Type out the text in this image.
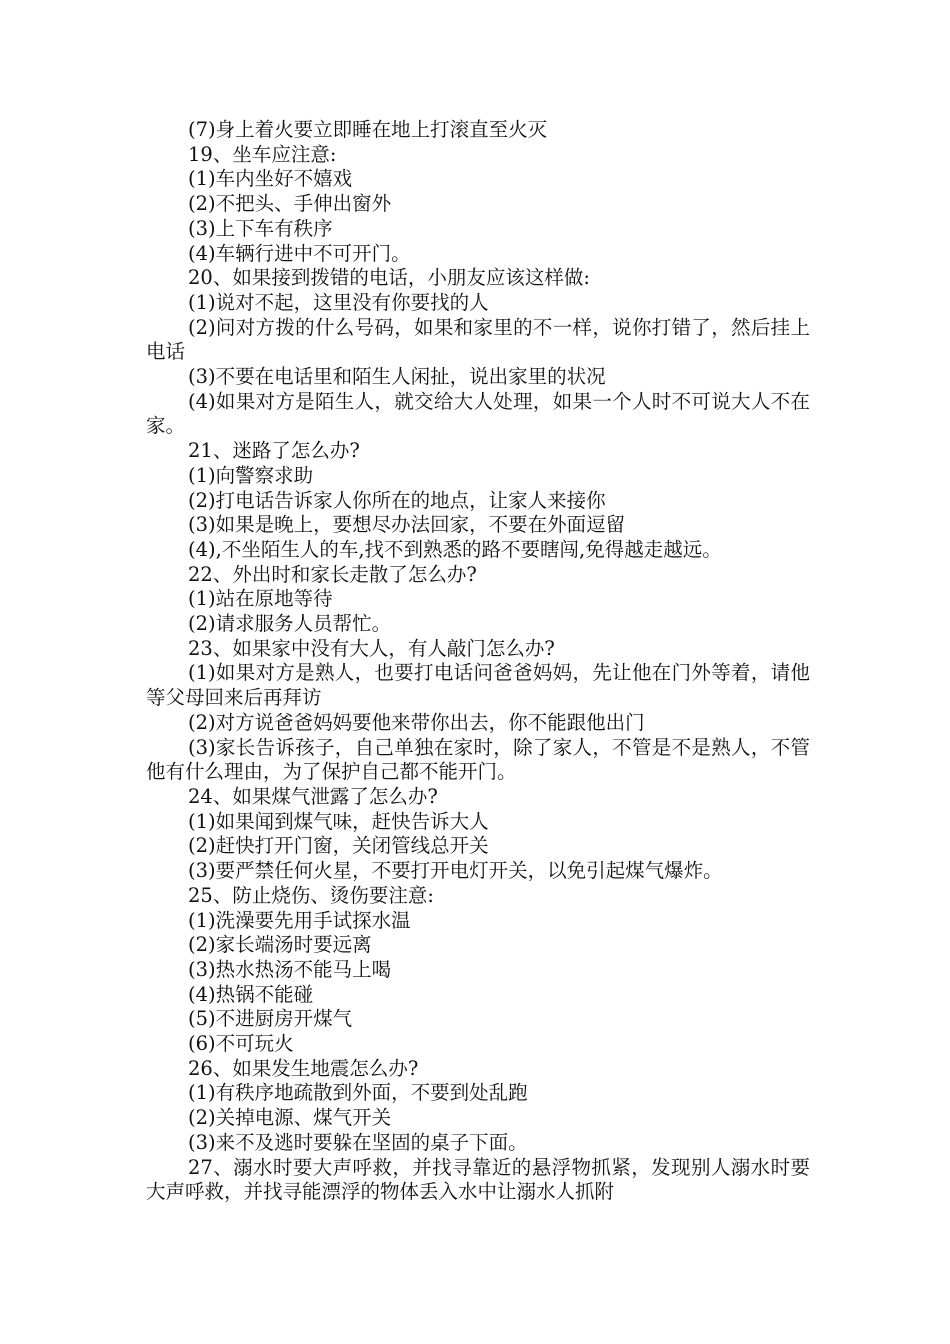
(7)身上着火要立即睡在地上打滚直至火灭

19、坐车应注意:

(1)车内坐好不嬉戏

(2)不把头、手伸出窗外

(3)上下车有秩序

(4)车辆行进中不可开门。

20、如果接到拨错的电话，小朋友应该这样做:

(1)说对不起，这里没有你要找的人

(2)问对方拨的什么号码，如果和家里的不一样，说你打错了，然后挂上电话

(3)不要在电话里和陌生人闲扯，说出家里的状况

(4)如果对方是陌生人，就交给大人处理，如果一个人时不可说大人不在家。

21、迷路了怎么办?

(1)向警察求助

(2)打电话告诉家人你所在的地点，让家人来接你

(3)如果是晚上，要想尽办法回家，不要在外面逗留

(4),不坐陌生人的车,找不到熟悉的路不要瞎闯,免得越走越远。

22、外出时和家长走散了怎么办?

(1)站在原地等待

(2)请求服务人员帮忙。

23、如果家中没有大人，有人敲门怎么办?

(1)如果对方是熟人，也要打电话问爸爸妈妈，先让他在门外等着，请他等父母回来后再拜访

(2)对方说爸爸妈妈要他来带你出去，你不能跟他出门

(3)家长告诉孩子，自己单独在家时，除了家人，不管是不是熟人，不管他有什么理由，为了保护自己都不能开门。

24、如果煤气泄露了怎么办?

(1)如果闻到煤气味，赶快告诉大人

(2)赶快打开门窗，关闭管线总开关

(3)要严禁任何火星，不要打开电灯开关，以免引起煤气爆炸。

25、防止烧伤、烫伤要注意:

(1)洗澡要先用手试探水温

(2)家长端汤时要远离

(3)热水热汤不能马上喝

(4)热锅不能碰

(5)不进厨房开煤气

(6)不可玩火

26、如果发生地震怎么办?

(1)有秩序地疏散到外面，不要到处乱跑

(2)关掉电源、煤气开关

(3)来不及逃时要躲在坚固的桌子下面。

27、溺水时要大声呼救，并找寻靠近的悬浮物抓紧，发现别人溺水时要大声呼救，并找寻能漂浮的物体丢入水中让溺水人抓附
